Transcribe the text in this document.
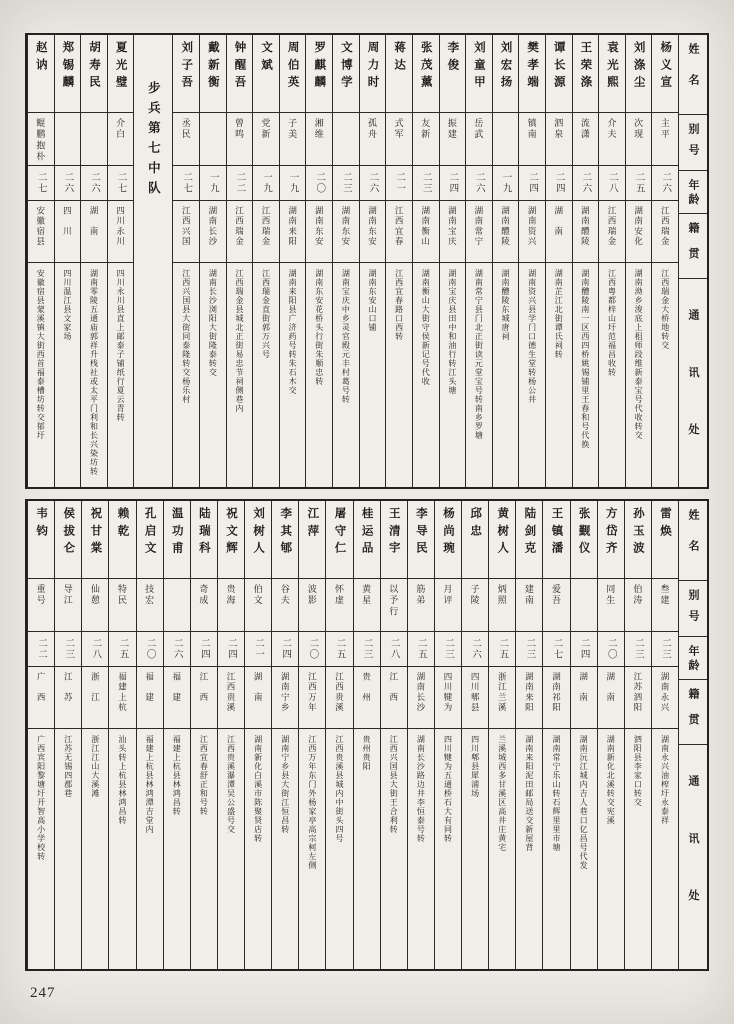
姓名
别号
年龄
籍贯
通讯处
杨义宣
主平
二六
江西瑞金
江西瑞金大桥地转交
刘涤尘
次现
二五
湖南安化
湖南泑乡浚底上租师段维新泰宝号代收转交
袁光熙
介夫
二八
江西瑞金
江西粤都梓山圩范福昌收转
王荣涤
流潇
二六
湖南醴陵
湖南醴陵南一区西四桥姚锡铺里王春和号代换
谭长源
泗泉
二四
湖　南
湖南芷江北街谭氏祠转
樊孝端
镇南
二四
湖南资兴
湖南资兴县学门口德生堂转杨公井
刘宏扬
一九
湖南醴陵
湖南醴陵东城唐祠
刘童甲
岳武
二六
湖南常宁
湖南常宁县门北正街读元堂宝号转南乡罗塘
李俊
振建
二四
湖南宝庆
湖南宝庆县田中和油行转江头塘
张茂薰
友新
二三
湖南衡山
湖南衡山大街守侯新记号代收
蒋达
式军
二一
江西宜春
江西宜春路口西转
周力时
孤舟
二六
湖南东安
湖南东安山口铺
文博学
二三
湖南东安
湖南宝庆中乡灵官殿元丰村葛号转
罗麒麟
湘维
二〇
湖南东安
湖南东安花桥头行街朱顺忠转
周伯英
子美
一九
湖南来阳
湖南来阳县广济药号转朱石木交
文斌
党新
一九
江西瑞金
江西瑞金直街郭万兴号
钟醒吾
曾鸣
二二
江西瑞金
江西瑞金县城北正街易忠节祠侧巷内
戴新衡
一九
湖南长沙
湖南长沙浏阳大街隆泰转交
刘子吾
丞民
二七
江西兴国
江西兴国县大街同泰隆转交杨乐村
步兵第七中队
夏光璧
介白
二七
四川永川
四川永川县直上邮泰子铺纸行夏云青转
胡寿民
二六
湖　南
湖南零陵五通庙郭祥升栈社或太平门利和长兴染坊转
郑锡麟
二六
四　川
四川温江县文家场
赵讷
鲲鹏抱朴
二七
安徽宿县
安徽宿县蒙溪镇大街西首福泰槽坊转交郁圩
姓名
别号
年龄
籍贯
通讯处
雷焕
叁建
二三
湖南永兴
湖南永兴油榨圩永泰祥
孙玉波
伯涛
二三
江苏泗阳
泗阳县李家口转交
方岱齐
同生
二〇
湖　南
湖南新化北溪转交宪溪
张觐仪
二四
湖　南
湖南沅江城内吉人巷口亿昌号代发
王镇潘
爱吾
二七
湖南祁阳
湖南常宁乐山转石辉里里市塘
陆剑克
建南
二三
湖南来阳
湖南来阳泥田邮局送交新屋背
黄树人
炳照
二五
浙江兰溪
兰溪城西多甘溪区高井庄黄宅
邱忠
子陵
二六
四川郫县
四川郫县犀浦场
杨尚琬
月评
二三
四川犍为
四川犍为五通桥石大有同转
李导民
筋弟
二五
湖南长沙
湖南长沙路边井李恒泰号转
王清宇
以予行
二八
江　西
江西兴国县大街王合利转
桂运品
黄星
二三
贵　州
贵州贵阳
屠守仁
怀虚
二五
江西贵溪
江西贵溪县城内中街头四号
江萍
波影
二〇
江西万年
江西万年东门外杨家亭高宗柯左侧
李其郇
谷夫
二四
湖南宁乡
湖南宁乡县大街江恒昌转
刘树人
伯文
二一
湖　南
湖南新化白溪市陈聚贤店转
祝文辉
贵海
二四
江西贵溪
江西贵溪瀑潭吴公盛号交
陆瑞科
奇成
二四
江　西
江西宜春舒正和号转
温功甫
二六
福　建
福建上杭县林鸿昌转
孔启文
技宏
二〇
福　建
福建上杭县林鸿潭吉堂内
赖乾
特民
二五
福建上杭
汕头转上杭县林鸿昌转
祝甘棠
仙憩
二八
浙　江
浙江江山大溪滩
侯拔仑
导江
二三
江　苏
江苏无锡四郡巷
韦钧
重号
二二
广　西
广西宾阳黎塘圩开智高小学校转
247
